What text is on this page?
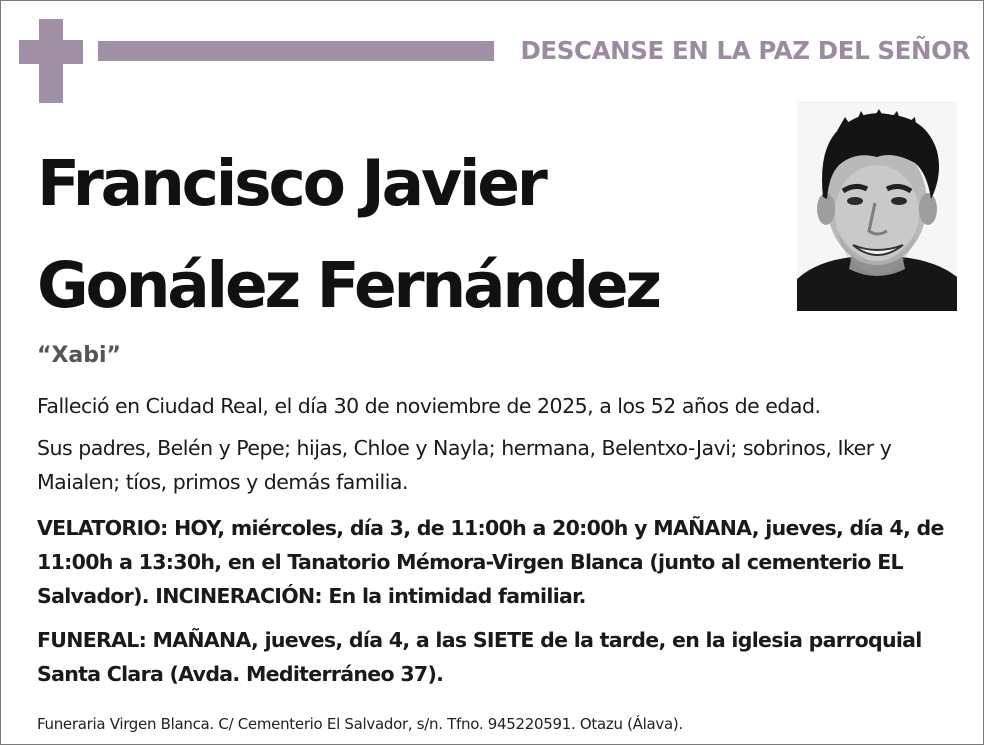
DESCANSE EN LA PAZ DEL SEÑOR
Francisco Javier
Gonález Fernández
“Xabi”
Falleció en Ciudad Real, el día 30 de noviembre de 2025, a los 52 años de edad.
Sus padres, Belén y Pepe; hijas, Chloe y Nayla; hermana, Belentxo-Javi; sobrinos, Iker y Maialen; tíos, primos y demás familia.
VELATORIO: HOY, miércoles, día 3, de 11:00h a 20:00h y MAÑANA, jueves, día 4, de 11:00h a 13:30h, en el Tanatorio Mémora-Virgen Blanca (junto al cementerio EL Salvador). INCINERACIÓN: En la intimidad familiar.
FUNERAL: MAÑANA, jueves, día 4, a las SIETE de la tarde, en la iglesia parroquial Santa Clara (Avda. Mediterráneo 37).
Funeraria Virgen Blanca. C/ Cementerio El Salvador, s/n. Tfno. 945220591. Otazu (Álava).
